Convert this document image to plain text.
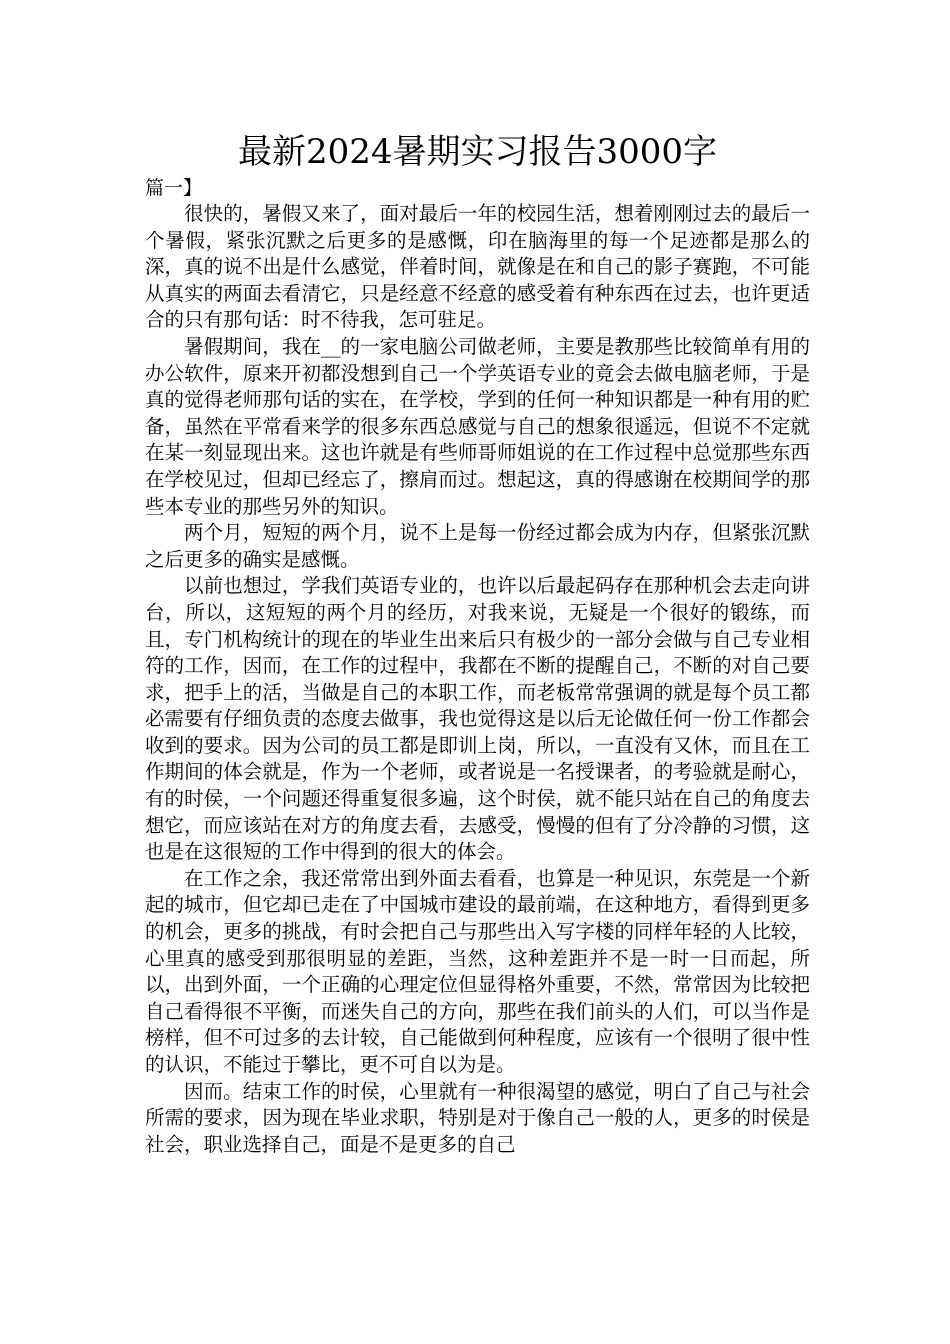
最新2024暑期实习报告3000字

篇一】

很快的，暑假又来了，面对最后一年的校园生活，想着刚刚过去的最后一个暑假，紧张沉默之后更多的是感慨，印在脑海里的每一个足迹都是那么的深，真的说不出是什么感觉，伴着时间，就像是在和自己的影子赛跑，不可能从真实的两面去看清它，只是经意不经意的感受着有种东西在过去，也许更适合的只有那句话：时不待我，怎可驻足。

暑假期间，我在__的一家电脑公司做老师，主要是教那些比较简单有用的办公软件，原来开初都没想到自己一个学英语专业的竟会去做电脑老师，于是真的觉得老师那句话的实在，在学校，学到的任何一种知识都是一种有用的贮备，虽然在平常看来学的很多东西总感觉与自己的想象很遥远，但说不不定就在某一刻显现出来。这也许就是有些师哥师姐说的在工作过程中总觉那些东西在学校见过，但却已经忘了，擦肩而过。想起这，真的得感谢在校期间学的那些本专业的那些另外的知识。

两个月，短短的两个月，说不上是每一份经过都会成为内存，但紧张沉默之后更多的确实是感慨。

以前也想过，学我们英语专业的，也许以后最起码存在那种机会去走向讲台，所以，这短短的两个月的经历，对我来说，无疑是一个很好的锻练，而且，专门机构统计的现在的毕业生出来后只有极少的一部分会做与自己专业相符的工作，因而，在工作的过程中，我都在不断的提醒自己，不断的对自己要求，把手上的活，当做是自己的本职工作，而老板常常强调的就是每个员工都必需要有仔细负责的态度去做事，我也觉得这是以后无论做任何一份工作都会收到的要求。因为公司的员工都是即训上岗，所以，一直没有又休，而且在工作期间的体会就是，作为一个老师，或者说是一名授课者，的考验就是耐心，有的时侯，一个问题还得重复很多遍，这个时侯，就不能只站在自己的角度去想它，而应该站在对方的角度去看，去感受，慢慢的但有了分冷静的习惯，这也是在这很短的工作中得到的很大的体会。

在工作之余，我还常常出到外面去看看，也算是一种见识，东莞是一个新起的城市，但它却已走在了中国城市建设的最前端，在这种地方，看得到更多的机会，更多的挑战，有时会把自己与那些出入写字楼的同样年轻的人比较，心里真的感受到那很明显的差距，当然，这种差距并不是一时一日而起，所以，出到外面，一个正确的心理定位但显得格外重要，不然，常常因为比较把自己看得很不平衡，而迷失自己的方向，那些在我们前头的人们，可以当作是榜样，但不可过多的去计较，自己能做到何种程度，应该有一个很明了很中性的认识，不能过于攀比，更不可自以为是。

因而。结束工作的时侯，心里就有一种很渴望的感觉，明白了自己与社会所需的要求，因为现在毕业求职，特别是对于像自己一般的人，更多的时侯是社会，职业选择自己，面是不是更多的自己
